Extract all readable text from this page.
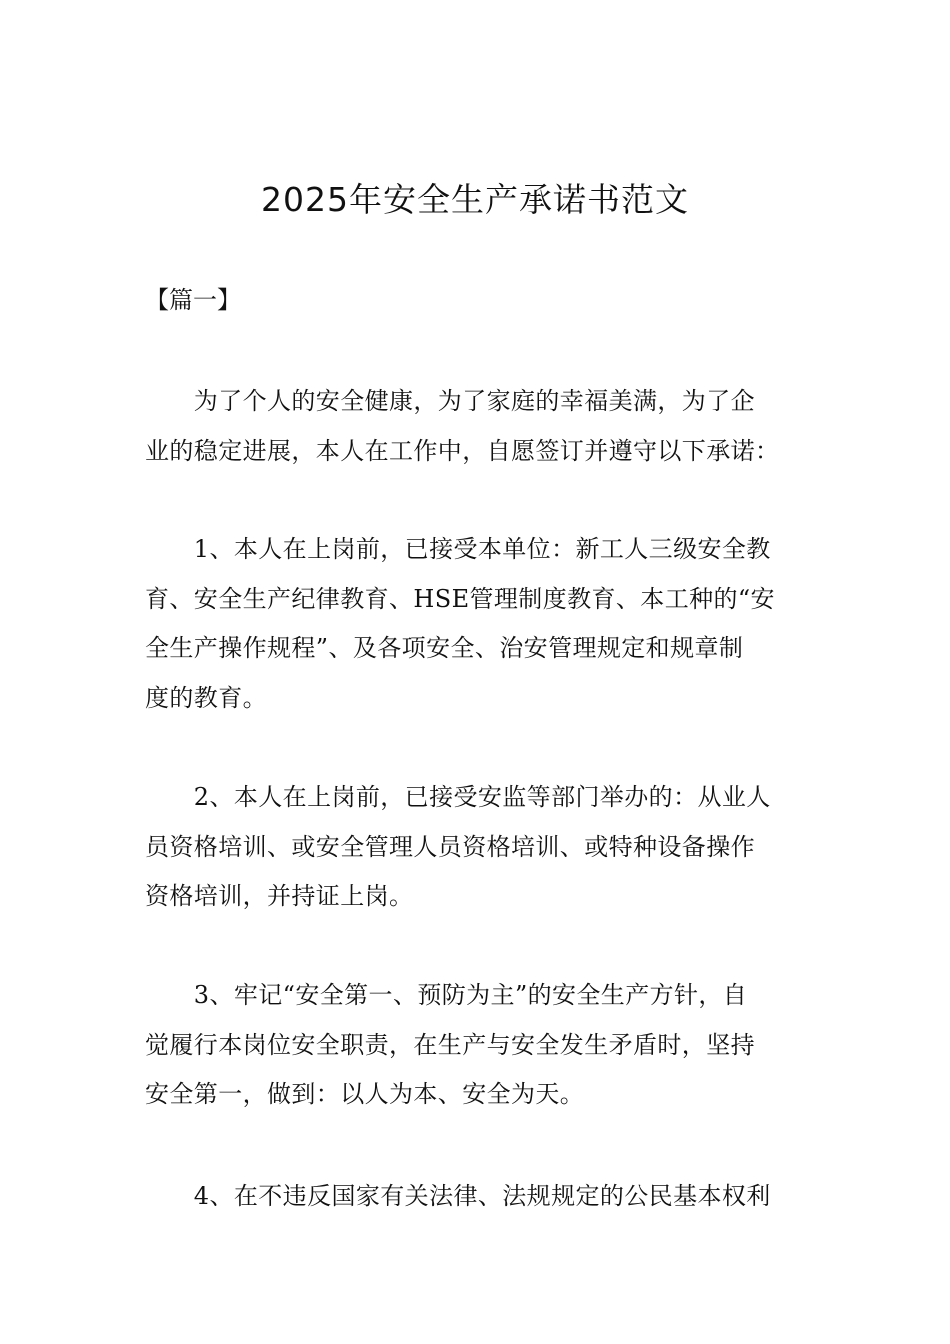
2025年安全生产承诺书范文
【篇一】

　　为了个人的安全健康，为了家庭的幸福美满，为了企
业的稳定进展，本人在工作中，自愿签订并遵守以下承诺：

　　1、本人在上岗前，已接受本单位：新工人三级安全教
育、安全生产纪律教育、HSE管理制度教育、本工种的“安
全生产操作规程”、及各项安全、治安管理规定和规章制
度的教育。

　　2、本人在上岗前，已接受安监等部门举办的：从业人
员资格培训、或安全管理人员资格培训、或特种设备操作
资格培训，并持证上岗。

　　3、牢记“安全第一、预防为主”的安全生产方针，自
觉履行本岗位安全职责，在生产与安全发生矛盾时，坚持
安全第一，做到：以人为本、安全为天。

　　4、在不违反国家有关法律、法规规定的公民基本权利
